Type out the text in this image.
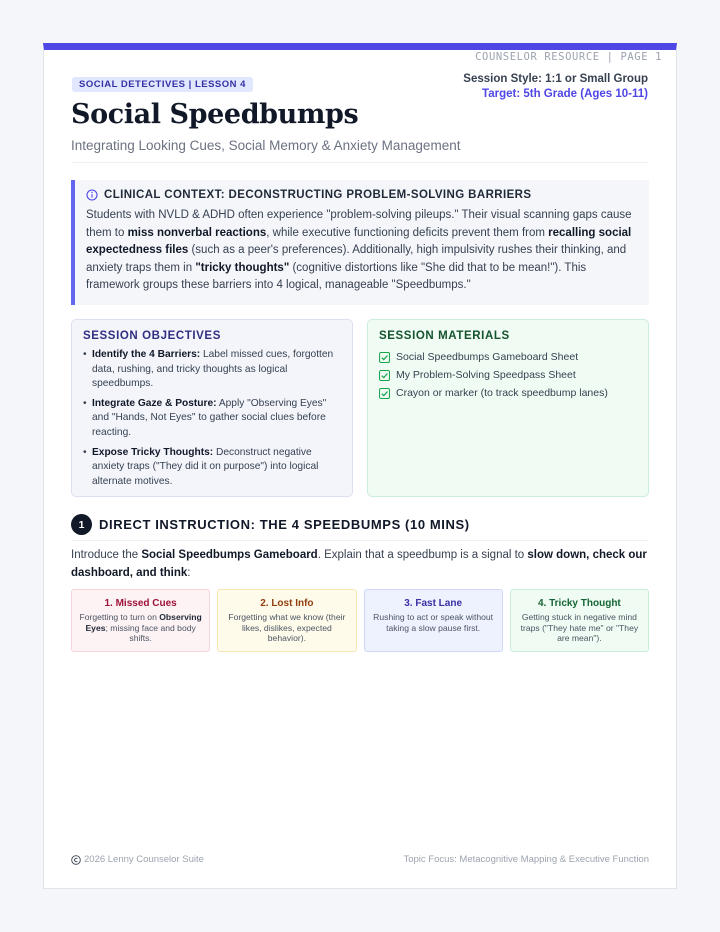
COUNSELOR RESOURCE | PAGE 1
SOCIAL DETECTIVES | LESSON 4
Social Speedbumps
Integrating Looking Cues, Social Memory & Anxiety Management
Session Style: 1:1 or Small Group
Target: 5th Grade (Ages 10-11)
CLINICAL CONTEXT: DECONSTRUCTING PROBLEM-SOLVING BARRIERS

Students with NVLD & ADHD often experience "problem-solving pileups." Their visual scanning gaps cause them to miss nonverbal reactions, while executive functioning deficits prevent them from recalling social expectedness files (such as a peer's preferences). Additionally, high impulsivity rushes their thinking, and anxiety traps them in "tricky thoughts" (cognitive distortions like "She did that to be mean!"). This framework groups these barriers into 4 logical, manageable "Speedbumps."

SESSION OBJECTIVES
• Identify the 4 Barriers: Label missed cues, forgotten data, rushing, and tricky thoughts as logical speedbumps.
• Integrate Gaze & Posture: Apply "Observing Eyes" and "Hands, Not Eyes" to gather social clues before reacting.
• Expose Tricky Thoughts: Deconstruct negative anxiety traps ("They did it on purpose") into logical alternate motives.
SESSION MATERIALS
Social Speedbumps Gameboard Sheet
My Problem-Solving Speedpass Sheet
Crayon or marker (to track speedbump lanes)
1	DIRECT INSTRUCTION: THE 4 SPEEDBUMPS (10 MINS)

Introduce the Social Speedbumps Gameboard. Explain that a speedbump is a signal to slow down, check our dashboard, and think:

1. Missed Cues
Forgetting to turn on Observing Eyes; missing face and body shifts.
2. Lost Info
Forgetting what we know (their likes, dislikes, expected behavior).
3. Fast Lane
Rushing to act or speak without taking a slow pause first.
4. Tricky Thought
Getting stuck in negative mind traps ("They hate me" or "They are mean").
2026 Lenny Counselor Suite	Topic Focus: Metacognitive Mapping & Executive Function
